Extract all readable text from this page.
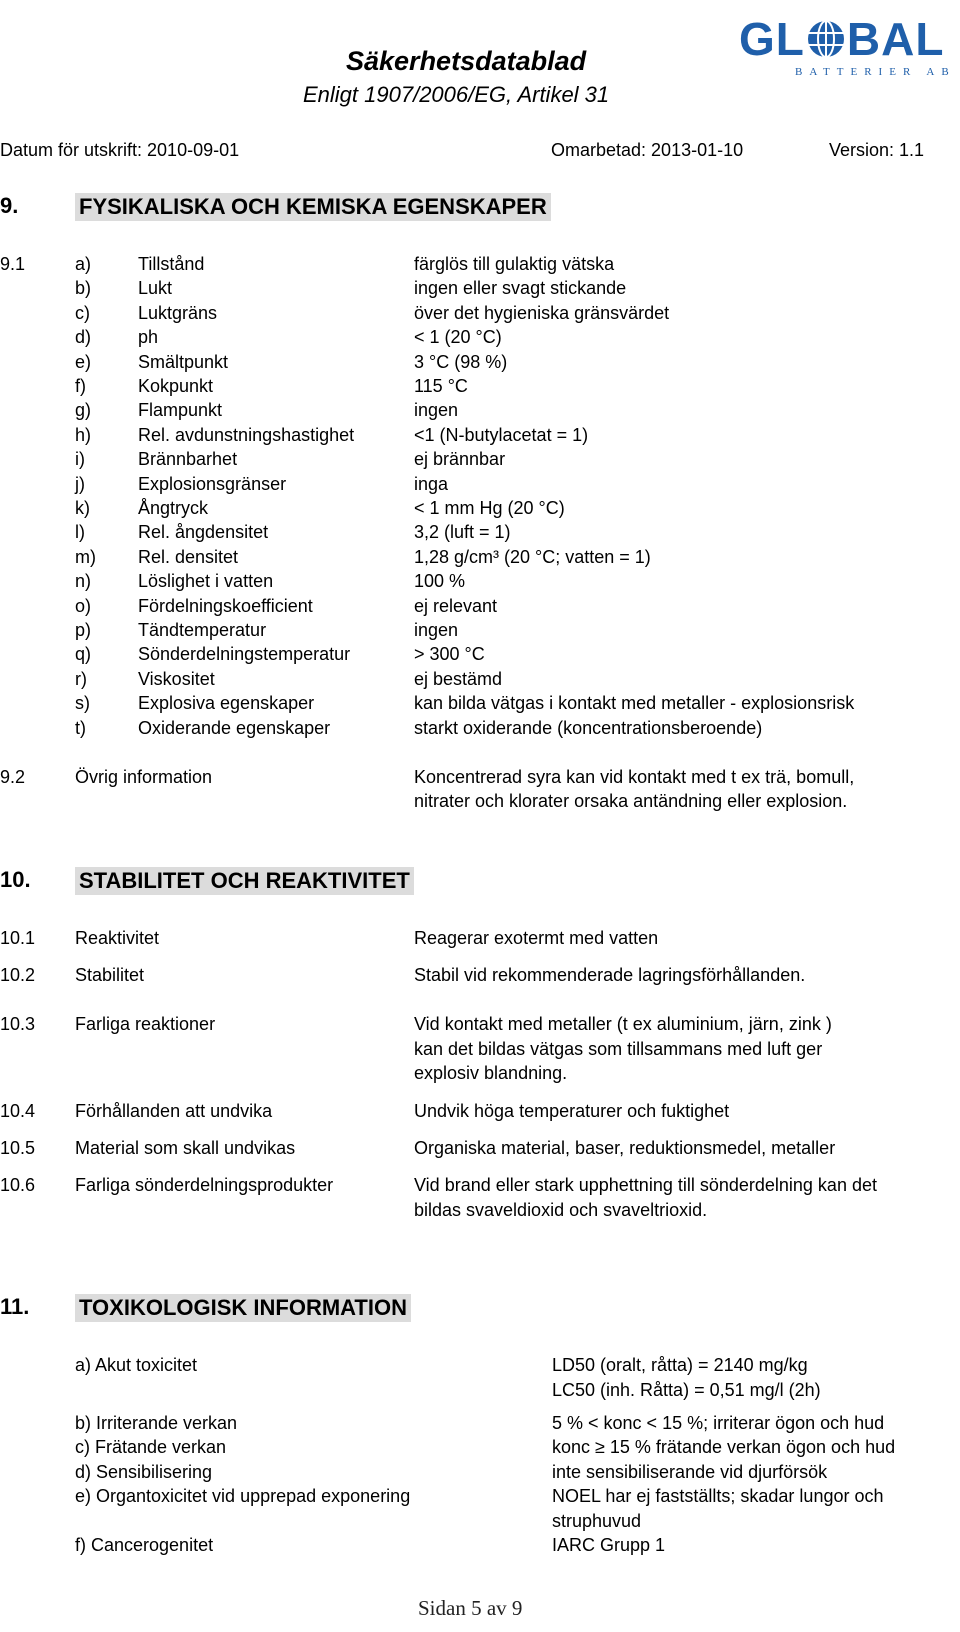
Säkerhetsdatablad
Enligt 1907/2006/EG, Artikel 31
GL BAL
BATTERIER AB
Datum för utskrift: 2010-09-01	Omarbetad: 2013-01-10	Version: 1.1
9.	FYSIKALISKA OCH KEMISKA EGENSKAPER
9.1	a)	Tillstånd	färglös till gulaktig vätska
b)	Lukt	ingen eller svagt stickande
c)	Luktgräns	över det hygieniska gränsvärdet
d)	ph	< 1 (20 °C)
e)	Smältpunkt	3 °C (98 %)
f)	Kokpunkt	115 °C
g)	Flampunkt	ingen
h)	Rel. avdunstningshastighet	<1 (N-butylacetat = 1)
i)	Brännbarhet	ej brännbar
j)	Explosionsgränser	inga
k)	Ångtryck	< 1 mm Hg (20 °C)
l)	Rel. ångdensitet	3,2 (luft = 1)
m) Rel. densitet	1,28 g/cm³ (20 °C; vatten = 1)
n)	Löslighet i vatten	100 %
o)	Fördelningskoefficient	ej relevant
p)	Tändtemperatur	ingen
q)	Sönderdelningstemperatur	> 300 °C
r)	Viskositet	ej bestämd
s)	Explosiva egenskaper	kan bilda vätgas i kontakt med metaller - explosionsrisk
t)	Oxiderande egenskaper	starkt oxiderande (koncentrationsberoende)
9.2	Övrig information	Koncentrerad syra kan vid kontakt med t ex trä, bomull,
nitrater och klorater orsaka antändning eller explosion.
10. STABILITET OCH REAKTIVITET
10.1 Reaktivitet	Reagerar exotermt med vatten
10.2 Stabilitet	Stabil vid rekommenderade lagringsförhållanden.
10.3 Farliga reaktioner	Vid kontakt med metaller (t ex aluminium, järn, zink )
kan det bildas vätgas som tillsammans med luft ger
explosiv blandning.
10.4 Förhållanden att undvika	Undvik höga temperaturer och fuktighet
10.5 Material som skall undvikas	Organiska material, baser, reduktionsmedel, metaller
10.6 Farliga sönderdelningsprodukter	Vid brand eller stark upphettning till sönderdelning kan det
bildas svaveldioxid och svaveltrioxid.
11. TOXIKOLOGISK INFORMATION
a) Akut toxicitet	LD50 (oralt, råtta) = 2140 mg/kg
LC50 (inh. Råtta) = 0,51 mg/l (2h)
b) Irriterande verkan	5 % < konc < 15 %; irriterar ögon och hud
c) Frätande verkan	konc ≥ 15 % frätande verkan ögon och hud
d) Sensibilisering	inte sensibiliserande vid djurförsök
e) Organtoxicitet vid upprepad exponering	NOEL har ej fastställts; skadar lungor och
struphuvud
f) Cancerogenitet	IARC Grupp 1
Sidan 5 av 9
